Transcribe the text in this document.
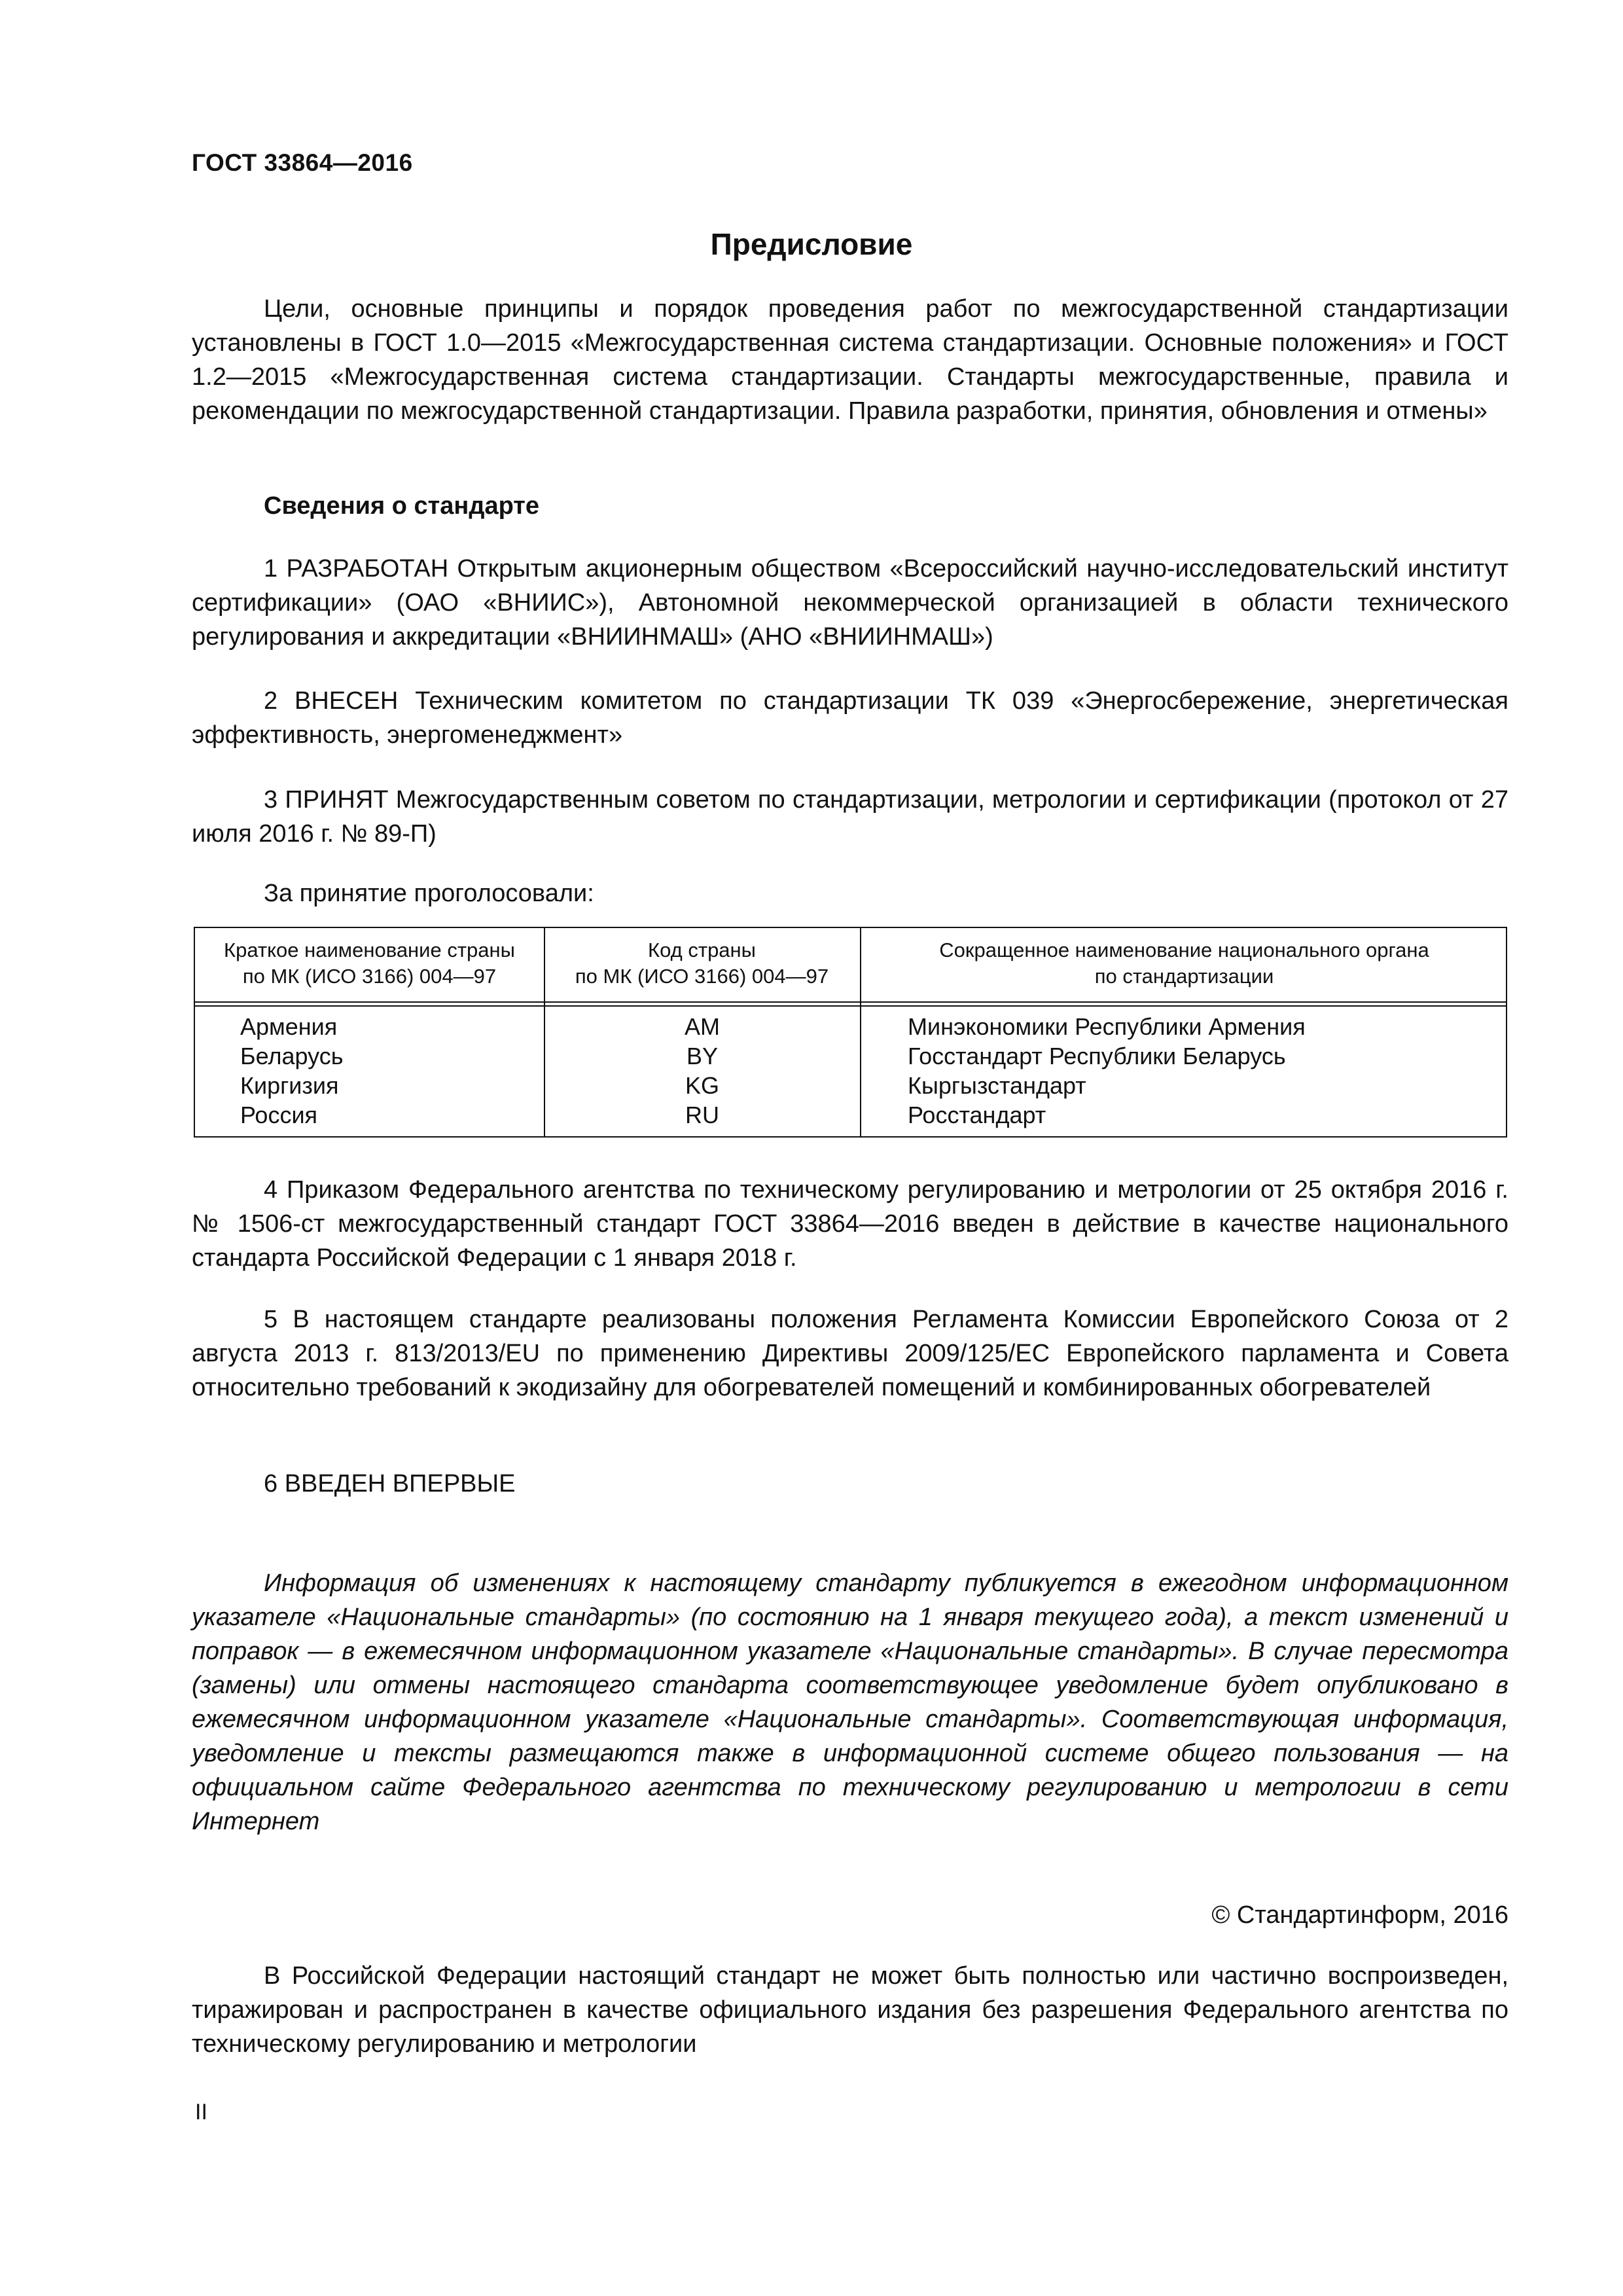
ГОСТ 33864—2016
Предисловие

Цели, основные принципы и порядок проведения работ по межгосударственной стандартизации установлены в ГОСТ 1.0—2015 «Межгосударственная система стандартизации. Основные положения» и ГОСТ 1.2—2015 «Межгосударственная система стандартизации. Стандарты межгосударственные, правила и рекомендации по межгосударственной стандартизации. Правила разработки, принятия, обновления и отмены»

Сведения о стандарте

1 РАЗРАБОТАН Открытым акционерным обществом «Всероссийский научно-исследовательский институт сертификации» (ОАО «ВНИИС»), Автономной некоммерческой организацией в области технического регулирования и аккредитации «ВНИИНМАШ» (АНО «ВНИИНМАШ»)

2 ВНЕСЕН Техническим комитетом по стандартизации ТК 039 «Энергосбережение, энергетическая эффективность, энергоменеджмент»

3 ПРИНЯТ Межгосударственным советом по стандартизации, метрологии и сертификации (протокол от 27 июля 2016 г. № 89-П)

За принятие проголосовали:
Краткое наименование страны
по МК (ИСО 3166) 004—97
Код страны
по МК (ИСО 3166) 004—97
Сокращенное наименование национального органа
по стандартизации
Армения
Беларусь
Киргизия
Россия
AM
BY
KG
RU
Минэкономики Республики Армения
Госстандарт Республики Беларусь
Кыргызстандарт
Росстандарт

4 Приказом Федерального агентства по техническому регулированию и метрологии от 25 октября 2016 г. № 1506-ст межгосударственный стандарт ГОСТ 33864—2016 введен в действие в качестве национального стандарта Российской Федерации с 1 января 2018 г.

5 В настоящем стандарте реализованы положения Регламента Комиссии Европейского Союза от 2 августа 2013 г. 813/2013/EU по применению Директивы 2009/125/EC Европейского парламента и Совета относительно требований к экодизайну для обогревателей помещений и комбинированных обогревателей

6 ВВЕДЕН ВПЕРВЫЕ

Информация об изменениях к настоящему стандарту публикуется в ежегодном информационном указателе «Национальные стандарты» (по состоянию на 1 января текущего года), а текст изменений и поправок — в ежемесячном информационном указателе «Национальные стандарты». В случае пересмотра (замены) или отмены настоящего стандарта соответствующее уведомление будет опубликовано в ежемесячном информационном указателе «Национальные стандарты». Соответствующая информация, уведомление и тексты размещаются также в информационной системе общего пользования — на официальном сайте Федерального агентства по техническому регулированию и метрологии в сети Интернет

© Стандартинформ, 2016

В Российской Федерации настоящий стандарт не может быть полностью или частично воспроизведен, тиражирован и распространен в качестве официального издания без разрешения Федерального агентства по техническому регулированию и метрологии

II
